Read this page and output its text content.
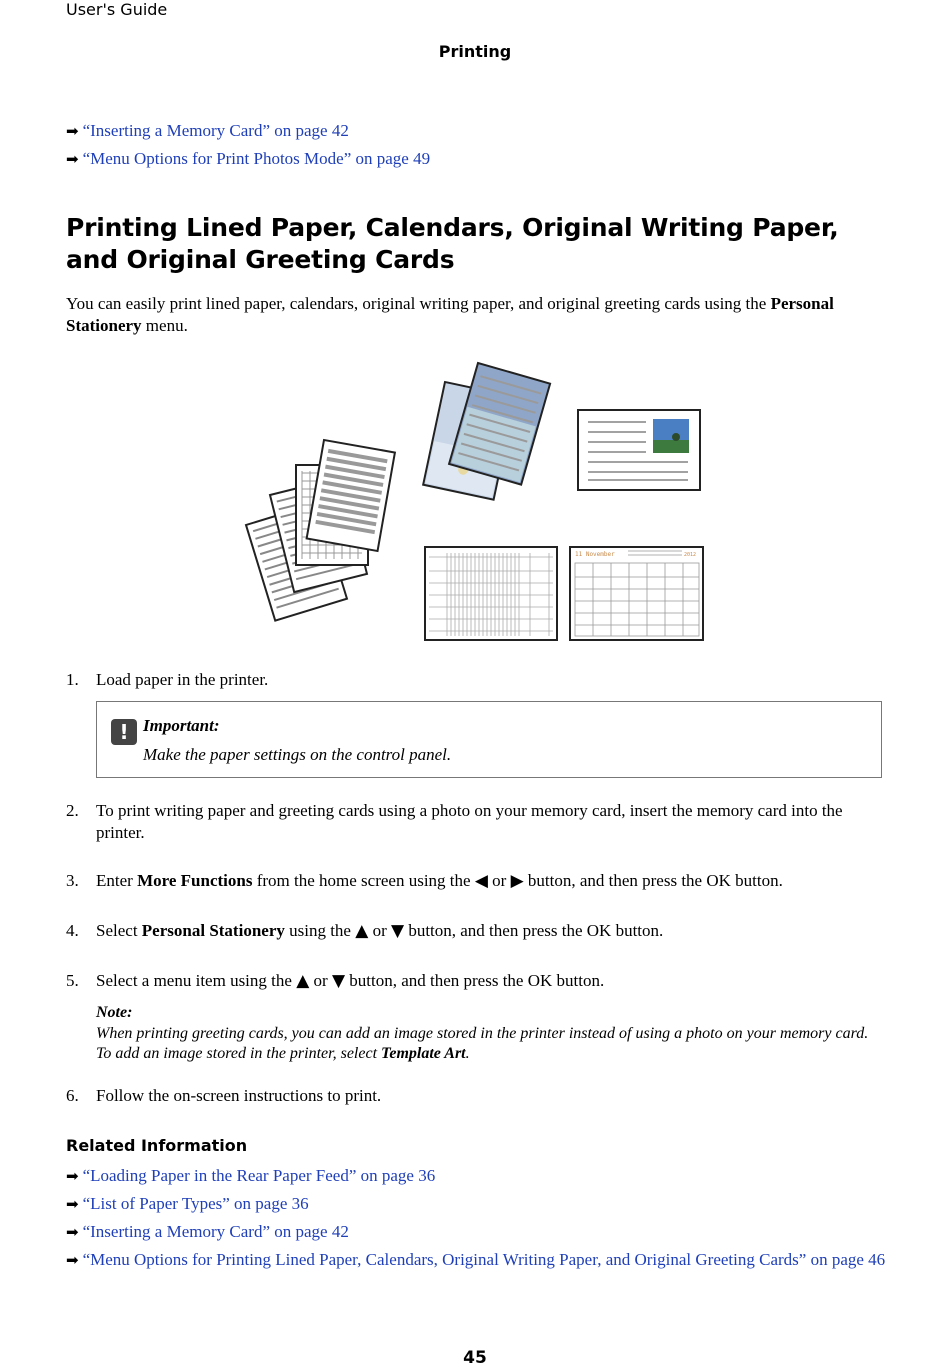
User's Guide
Printing
➡ “Inserting a Memory Card” on page 42
➡ “Menu Options for Print Photos Mode” on page 49
Printing Lined Paper, Calendars, Original Writing Paper, and Original Greeting Cards
You can easily print lined paper, calendars, original writing paper, and original greeting cards using the Personal Stationery menu.
11 November	2012
1. Load paper in the printer.
! Important:
Make the paper settings on the control panel.
2. To print writing paper and greeting cards using a photo on your memory card, insert the memory card into the printer.
3. Enter More Functions from the home screen using the ◀ or ▶ button, and then press the OK button.
4. Select Personal Stationery using the ▲ or ▼ button, and then press the OK button.
5. Select a menu item using the ▲ or ▼ button, and then press the OK button.
Note:
When printing greeting cards, you can add an image stored in the printer instead of using a photo on your memory card. To add an image stored in the printer, select Template Art.
6. Follow the on-screen instructions to print.
Related Information
➡ “Loading Paper in the Rear Paper Feed” on page 36
➡ “List of Paper Types” on page 36
➡ “Inserting a Memory Card” on page 42
➡ “Menu Options for Printing Lined Paper, Calendars, Original Writing Paper, and Original Greeting Cards” on page 46
45
